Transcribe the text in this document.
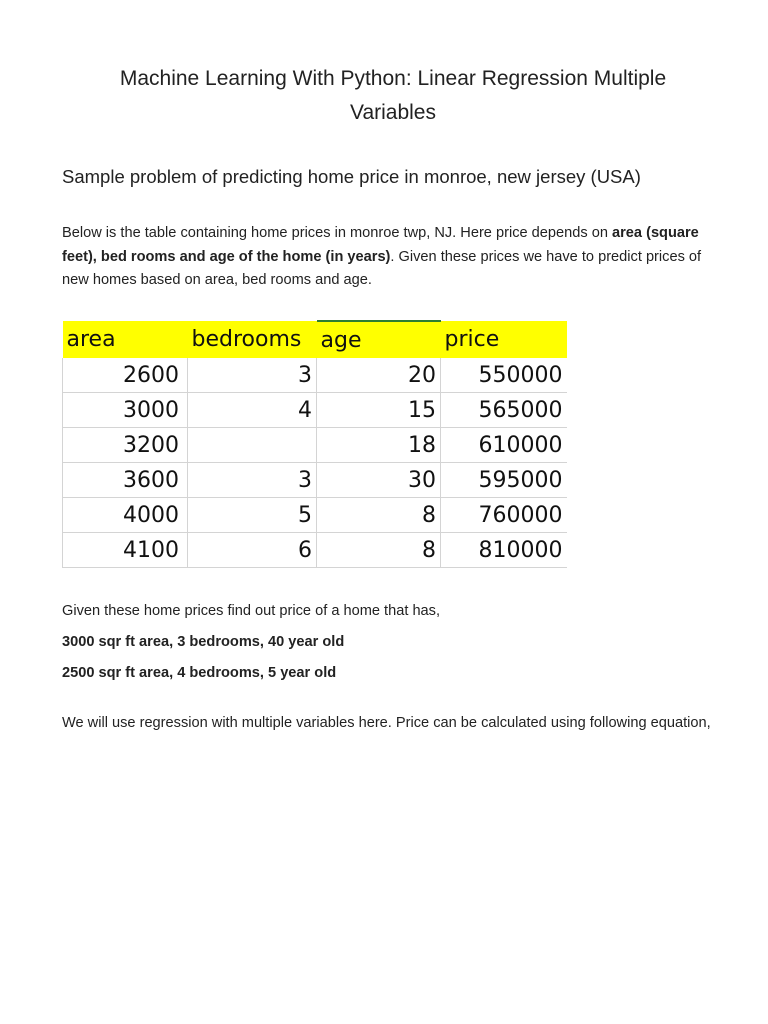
Machine Learning With Python: Linear Regression Multiple Variables
Sample problem of predicting home price in monroe, new jersey (USA)

Below is the table containing home prices in monroe twp, NJ. Here price depends on area (square feet), bed rooms and age of the home (in years). Given these prices we have to predict prices of new homes based on area, bed rooms and age.

area	bedrooms	age	price
2600	3	20	550000
3000	4	15	565000
3200		18	610000
3600	3	30	595000
4000	5	8	760000
4100	6	8	810000

Given these home prices find out price of a home that has,

3000 sqr ft area, 3 bedrooms, 40 year old

2500 sqr ft area, 4 bedrooms, 5 year old

We will use regression with multiple variables here. Price can be calculated using following equation,
